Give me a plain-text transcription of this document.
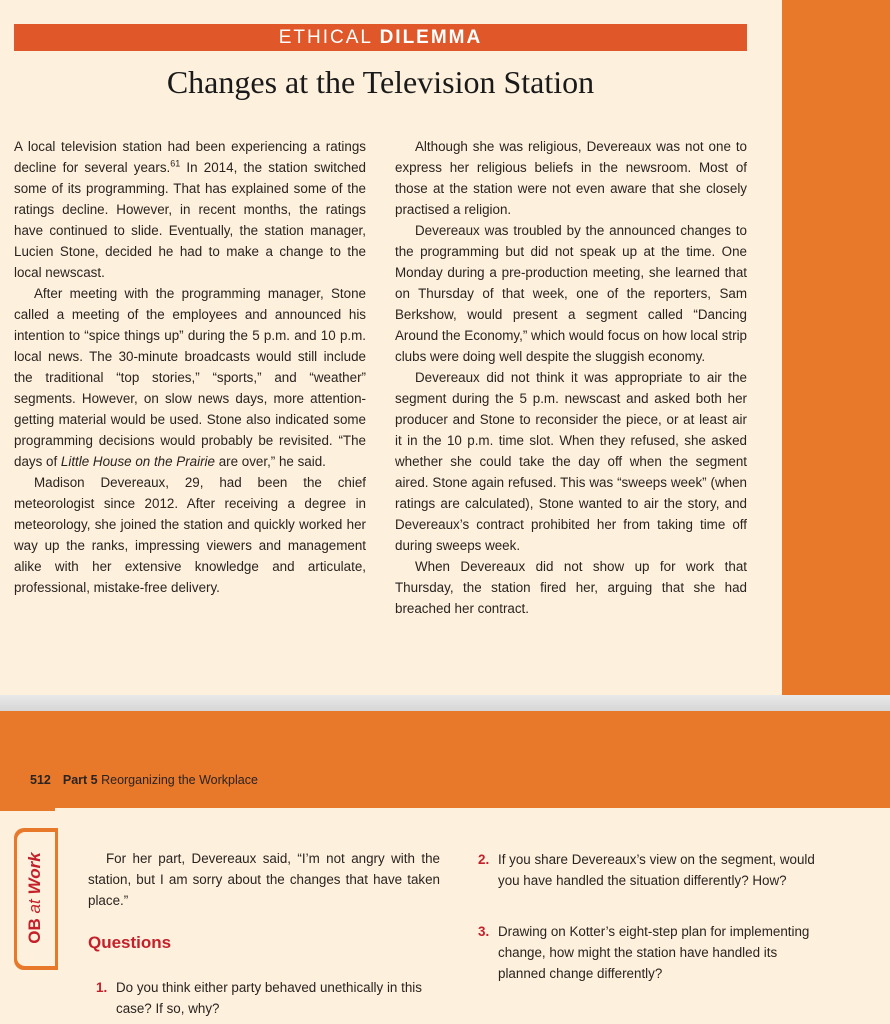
ETHICAL DILEMMA
Changes at the Television Station

A local television station had been experiencing a ratings decline for several years.$^{61}$ In 2014, the station switched some of its programming. That has explained some of the ratings decline. However, in recent months, the ratings have continued to slide. Eventually, the station manager, Lucien Stone, decided he had to make a change to the local newscast.

After meeting with the programming manager, Stone called a meeting of the employees and announced his intention to “spice things up” during the 5 p.m. and 10 p.m. local news. The 30-minute broadcasts would still include the traditional “top stories,” “sports,” and “weather” segments. However, on slow news days, more attention-getting material would be used. Stone also indicated some programming decisions would probably be revisited. “The days of Little House on the Prairie are over,” he said.

Madison Devereaux, 29, had been the chief meteorologist since 2012. After receiving a degree in meteorology, she joined the station and quickly worked her way up the ranks, impressing viewers and management alike with her extensive knowledge and articulate, professional, mistake-free delivery.

Although she was religious, Devereaux was not one to express her religious beliefs in the newsroom. Most of those at the station were not even aware that she closely practised a religion.

Devereaux was troubled by the announced changes to the programming but did not speak up at the time. One Monday during a pre-production meeting, she learned that on Thursday of that week, one of the reporters, Sam Berkshow, would present a segment called “Dancing Around the Economy,” which would focus on how local strip clubs were doing well despite the sluggish economy.

Devereaux did not think it was appropriate to air the segment during the 5 p.m. newscast and asked both her producer and Stone to reconsider the piece, or at least air it in the 10 p.m. time slot. When they refused, she asked whether she could take the day off when the segment aired. Stone again refused. This was “sweeps week” (when ratings are calculated), Stone wanted to air the story, and Devereaux’s contract prohibited her from taking time off during sweeps week.

When Devereaux did not show up for work that Thursday, the station fired her, arguing that she had breached her contract.

512 Part 5 Reorganizing the Workplace
OB at Work	For her part, Devereaux said, “I’m not angry with the station, but I am sorry about the changes that have taken place.”

Questions
1. Do you think either party behaved unethically in this case? If so, why?
2. If you share Devereaux’s view on the segment, would you have handled the situation differently? How?
3. Drawing on Kotter’s eight-step plan for implementing change, how might the station have handled its planned change differently?
